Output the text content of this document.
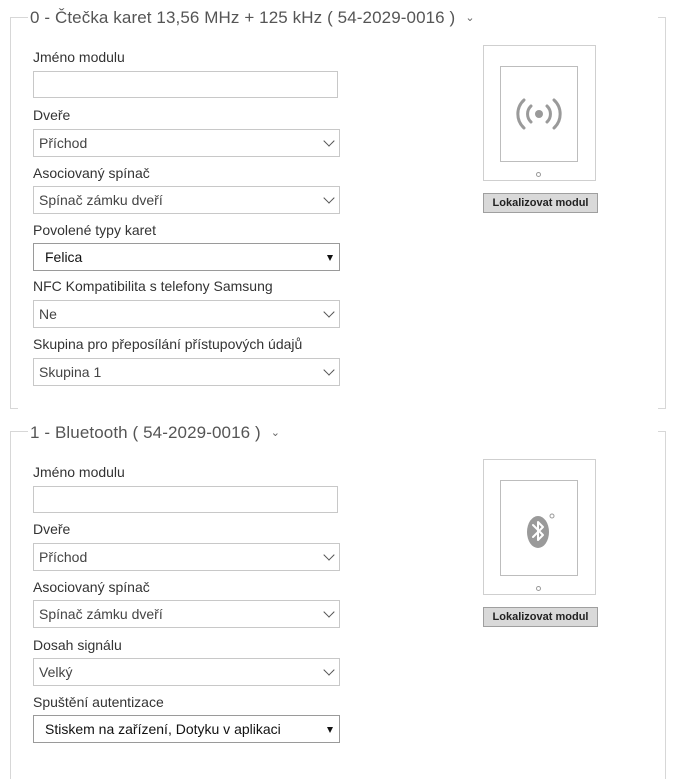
0 - Čtečka karet 13,56 MHz + 125 kHz ( 54-2029-0016 ) ⌄
Jméno modulu
Dveře
Příchod
Asociovaný spínač
Spínač zámku dveří
Povolené typy karet
Felica
NFC Kompatibilita s telefony Samsung
Ne
Skupina pro přeposílání přístupových údajů
Skupina 1
Lokalizovat modul
1 - Bluetooth ( 54-2029-0016 ) ⌄
Jméno modulu
Dveře
Příchod
Asociovaný spínač
Spínač zámku dveří
Dosah signálu
Velký
Spuštění autentizace
Stiskem na zařízení, Dotyku v aplikaci
Lokalizovat modul
